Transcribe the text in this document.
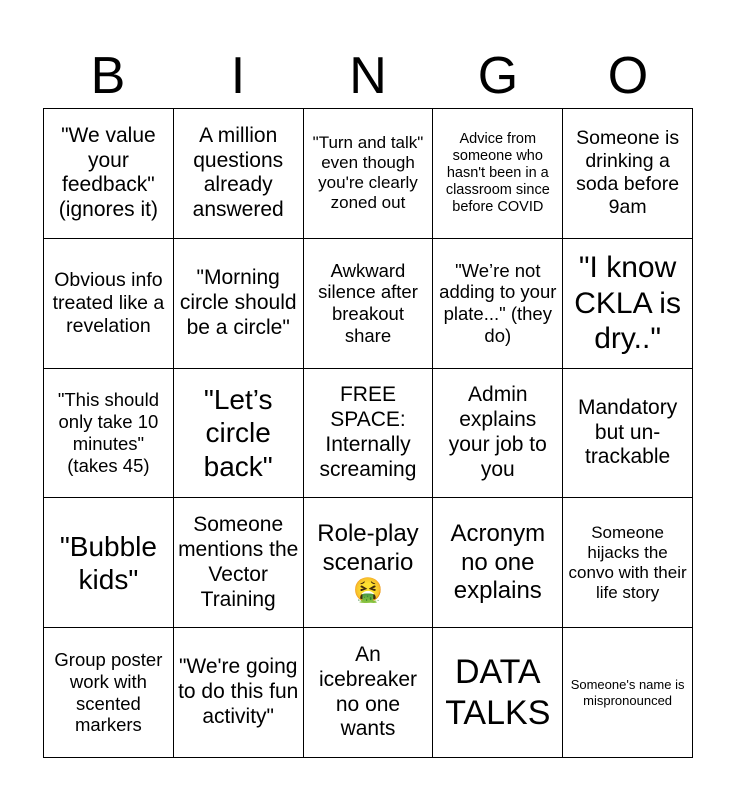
B	I	N	G	O
"We value your feedback" (ignores it)	A million questions already answered	"Turn and talk" even though you're clearly zoned out	Advice from someone who hasn't been in a classroom since before COVID	Someone is drinking a soda before 9am
Obvious info treated like a revelation	"Morning circle should be a circle"	Awkward silence after breakout share	"We’re not adding to your plate..." (they do)	"I know CKLA is dry.."
"This should only take 10 minutes" (takes 45)	"Let’s circle back"	FREE SPACE: Internally screaming	Admin explains your job to you	Mandatory but un-trackable
"Bubble kids"	Someone mentions the Vector Training	Role-play scenario 🤮	Acronym no one explains	Someone hijacks the convo with their life story
Group poster work with scented markers	"We're going to do this fun activity"	An icebreaker no one wants	DATA TALKS	Someone's name is mispronounced
